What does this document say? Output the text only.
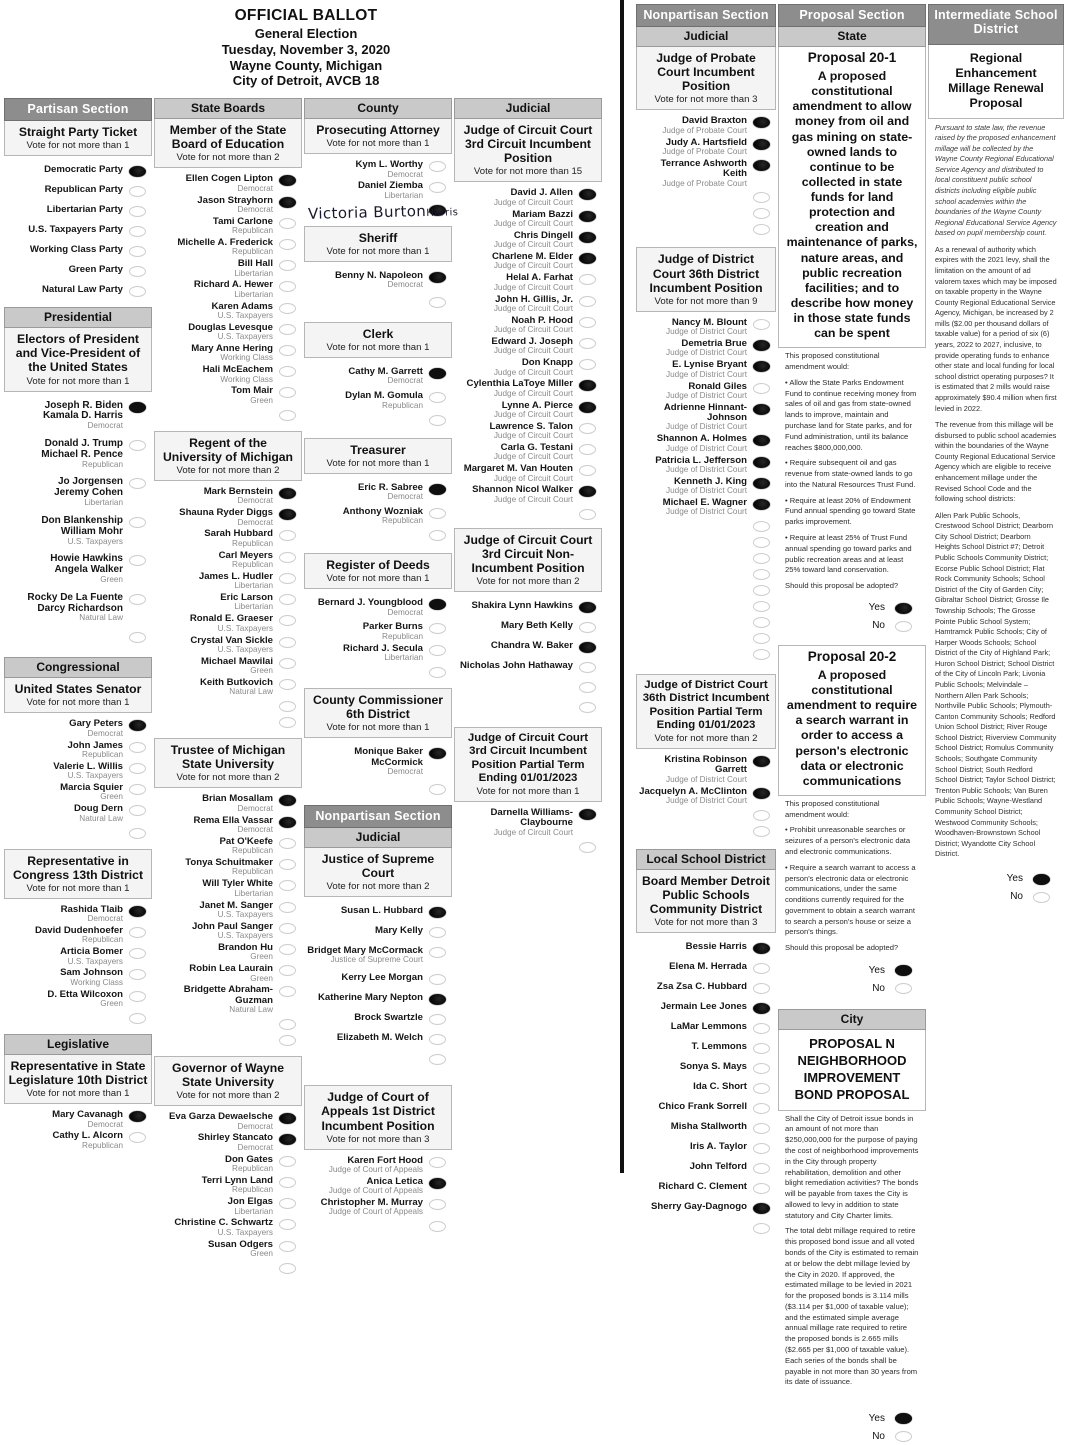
OFFICIAL BALLOT
General Election
Tuesday, November 3, 2020
Wayne County, Michigan
City of Detroit, AVCB 18
Partisan Section
Straight Party Ticket
Vote for not more than 1
Democratic Party
Republican Party
Libertarian Party
U.S. Taxpayers Party
Working Class Party
Green Party
Natural Law Party
Presidential
Electors of President and Vice-President of the United States
Vote for not more than 1
Joseph R. Biden
Kamala D. Harris
Democrat
Donald J. Trump
Michael R. Pence
Republican
Jo Jorgensen
Jeremy Cohen
Libertarian
Don Blankenship
William Mohr
U.S. Taxpayers
Howie Hawkins
Angela Walker
Green
Rocky De La Fuente
Darcy Richardson
Natural Law
Congressional
United States Senator
Vote for not more than 1
Gary Peters
Democrat
John James
Republican
Valerie L. Willis
U.S. Taxpayers
Marcia Squier
Green
Doug Dern
Natural Law
Representative in Congress 13th District
Vote for not more than 1
Rashida Tlaib
Democrat
David Dudenhoefer
Republican
Articia Bomer
U.S. Taxpayers
Sam Johnson
Working Class
D. Etta Wilcoxon
Green
Legislative
Representative in State Legislature 10th District
Vote for not more than 1
Mary Cavanagh
Democrat
Cathy L. Alcorn
Republican
State Boards
Member of the State Board of Education
Vote for not more than 2
Ellen Cogen Lipton
Democrat
Jason Strayhorn
Democrat
Tami Carlone
Republican
Michelle A. Frederick
Republican
Bill Hall
Libertarian
Richard A. Hewer
Libertarian
Karen Adams
U.S. Taxpayers
Douglas Levesque
U.S. Taxpayers
Mary Anne Hering
Working Class
Hali McEachem
Working Class
Tom Mair
Green
Regent of the University of Michigan
Vote for not more than 2
Mark Bernstein
Democrat
Shauna Ryder Diggs
Democrat
Sarah Hubbard
Republican
Carl Meyers
Republican
James L. Hudler
Libertarian
Eric Larson
Libertarian
Ronald E. Graeser
U.S. Taxpayers
Crystal Van Sickle
U.S. Taxpayers
Michael Mawilai
Green
Keith Butkovich
Natural Law
Trustee of Michigan State University
Vote for not more than 2
Brian Mosallam
Democrat
Rema Ella Vassar
Democrat
Pat O'Keefe
Republican
Tonya Schuitmaker
Republican
Will Tyler White
Libertarian
Janet M. Sanger
U.S. Taxpayers
John Paul Sanger
U.S. Taxpayers
Brandon Hu
Green
Robin Lea Laurain
Green
Bridgette Abraham-Guzman
Natural Law
Governor of Wayne State University
Vote for not more than 2
Eva Garza Dewaelsche
Democrat
Shirley Stancato
Democrat
Don Gates
Republican
Terri Lynn Land
Republican
Jon Elgas
Libertarian
Christine C. Schwartz
U.S. Taxpayers
Susan Odgers
Green
County
Prosecuting Attorney
Vote for not more than 1
Kym L. Worthy
Democrat
Daniel Ziemba
Libertarian
Victoria BurtonHarris
Sheriff
Vote for not more than 1
Benny N. Napoleon
Democrat
Clerk
Vote for not more than 1
Cathy M. Garrett
Democrat
Dylan M. Gomula
Republican
Treasurer
Vote for not more than 1
Eric R. Sabree
Democrat
Anthony Wozniak
Republican
Register of Deeds
Vote for not more than 1
Bernard J. Youngblood
Democrat
Parker Burns
Republican
Richard J. Secula
Libertarian
County Commissioner 6th District
Vote for not more than 1
Monique Baker McCormick
Democrat
Nonpartisan Section
Judicial
Justice of Supreme Court
Vote for not more than 2
Susan L. Hubbard
Mary Kelly
Bridget Mary McCormack
Justice of Supreme Court
Kerry Lee Morgan
Katherine Mary Nepton
Brock Swartzle
Elizabeth M. Welch
Judge of Court of Appeals 1st District Incumbent Position
Vote for not more than 3
Karen Fort Hood
Judge of Court of Appeals
Anica Letica
Judge of Court of Appeals
Christopher M. Murray
Judge of Court of Appeals
Judicial
Judge of Circuit Court 3rd Circuit Incumbent Position
Vote for not more than 15
David J. Allen
Judge of Circuit Court
Mariam Bazzi
Judge of Circuit Court
Chris Dingell
Judge of Circuit Court
Charlene M. Elder
Judge of Circuit Court
Helal A. Farhat
Judge of Circuit Court
John H. Gillis, Jr.
Judge of Circuit Court
Noah P. Hood
Judge of Circuit Court
Edward J. Joseph
Judge of Circuit Court
Don Knapp
Judge of Circuit Court
Cylenthia LaToye Miller
Judge of Circuit Court
Lynne A. Pierce
Judge of Circuit Court
Lawrence S. Talon
Judge of Circuit Court
Carla G. Testani
Judge of Circuit Court
Margaret M. Van Houten
Judge of Circuit Court
Shannon Nicol Walker
Judge of Circuit Court
Judge of Circuit Court 3rd Circuit Non-Incumbent Position
Vote for not more than 2
Shakira Lynn Hawkins
Mary Beth Kelly
Chandra W. Baker
Nicholas John Hathaway
Judge of Circuit Court 3rd Circuit Incumbent Position Partial Term Ending 01/01/2023
Vote for not more than 1
Darnella Williams-Claybourne
Judge of Circuit Court
Nonpartisan Section
Judicial
Judge of Probate Court Incumbent Position
Vote for not more than 3
David Braxton
Judge of Probate Court
Judy A. Hartsfield
Judge of Probate Court
Terrance Ashworth Keith
Judge of Probate Court
Judge of District Court 36th District Incumbent Position
Vote for not more than 9
Nancy M. Blount
Judge of District Court
Demetria Brue
Judge of District Court
E. Lynise Bryant
Judge of District Court
Ronald Giles
Judge of District Court
Adrienne Hinnant-Johnson
Judge of District Court
Shannon A. Holmes
Judge of District Court
Patricia L. Jefferson
Judge of District Court
Kenneth J. King
Judge of District Court
Michael E. Wagner
Judge of District Court
Judge of District Court 36th District Incumbent Position Partial Term Ending 01/01/2023
Vote for not more than 2
Kristina Robinson Garrett
Judge of District Court
Jacquelyn A. McClinton
Judge of District Court
Local School District
Board Member Detroit Public Schools Community District
Vote for not more than 3
Bessie Harris
Elena M. Herrada
Zsa Zsa C. Hubbard
Jermain Lee Jones
LaMar Lemmons
T. Lemmons
Sonya S. Mays
Ida C. Short
Chico Frank Sorrell
Misha Stallworth
Iris A. Taylor
John Telford
Richard C. Clement
Sherry Gay-Dagnogo
Proposal Section
State
Proposal 20-1
A proposed constitutional amendment to allow money from oil and gas mining on state-owned lands to continue to be collected in state funds for land protection and creation and maintenance of parks, nature areas, and public recreation facilities; and to describe how money in those state funds can be spent

This proposed constitutional amendment would:

• Allow the State Parks Endowment Fund to continue receiving money from sales of oil and gas from state-owned lands to improve, maintain and purchase land for State parks, and for Fund administration, until its balance reaches $800,000,000.

• Require subsequent oil and gas revenue from state-owned lands to go into the Natural Resources Trust Fund.

• Require at least 20% of Endowment Fund annual spending go toward State parks improvement.

• Require at least 25% of Trust Fund annual spending go toward parks and public recreation areas and at least 25% toward land conservation.

Should this proposal be adopted?

Yes
No
Proposal 20-2
A proposed constitutional amendment to require a search warrant in order to access a person's electronic data or electronic communications

This proposed constitutional amendment would:

• Prohibit unreasonable searches or seizures of a person's electronic data and electronic communications.

• Require a search warrant to access a person's electronic data or electronic communications, under the same conditions currently required for the government to obtain a search warrant to search a person's house or seize a person's things.

Should this proposal be adopted?

Yes
No
City
PROPOSAL N NEIGHBORHOOD IMPROVEMENT BOND PROPOSAL

Shall the City of Detroit issue bonds in an amount of not more than $250,000,000 for the purpose of paying the cost of neighborhood improvements in the City through property rehabilitation, demolition and other blight remediation activities? The bonds will be payable from taxes the City is allowed to levy in addition to state statutory and City Charter limits.

The total debt millage required to retire this proposed bond issue and all voted bonds of the City is estimated to remain at or below the debt millage levied by the City in 2020. If approved, the estimated millage to be levied in 2021 for the proposed bonds is 3.114 mills ($3.114 per $1,000 of taxable value); and the estimated simple average annual millage rate required to retire the proposed bonds is 2.665 mills ($2.665 per $1,000 of taxable value). Each series of the bonds shall be payable in not more than 30 years from its date of issuance.

Yes
No
Intermediate School District
Regional Enhancement Millage Renewal Proposal

Pursuant to state law, the revenue raised by the proposed enhancement millage will be collected by the Wayne County Regional Educational Service Agency and distributed to local constituent public school districts including eligible public school academies within the boundaries of the Wayne County Regional Educational Service Agency based on pupil membership count.

As a renewal of authority which expires with the 2021 levy, shall the limitation on the amount of ad valorem taxes which may be imposed on taxable property in the Wayne County Regional Educational Service Agency, Michigan, be increased by 2 mills ($2.00 per thousand dollars of taxable value) for a period of six (6) years, 2022 to 2027, inclusive, to provide operating funds to enhance other state and local funding for local school district operating purposes? It is estimated that 2 mills would raise approximately $90.4 million when first levied in 2022.

The revenue from this millage will be disbursed to public school academies within the boundaries of the Wayne County Regional Educational Service Agency which are eligible to receive enhancement millage under the Revised School Code and the following school districts:

Allen Park Public Schools, Crestwood School District; Dearborn City School District; Dearborn Heights School District #7; Detroit Public Schools Community District; Ecorse Public School District; Flat Rock Community Schools; School District of the City of Garden City; Gibraltar School District; Grosse Ile Township Schools; The Grosse Pointe Public School System; Hamtramck Public Schools; City of Harper Woods Schools; School District of the City of Highland Park; Huron School District; School District of the City of Lincoln Park; Livonia Public Schools; Melvindale – Northern Allen Park Schools; Northville Public Schools; Plymouth-Canton Community Schools; Redford Union School District; River Rouge School District; Riverview Community School District; Romulus Community Schools; Southgate Community School District; South Redford School District; Taylor School District; Trenton Public Schools; Van Buren Public Schools; Wayne-Westland Community School District; Westwood Community Schools; Woodhaven-Brownstown School District; Wyandotte City School District.

Yes
No
